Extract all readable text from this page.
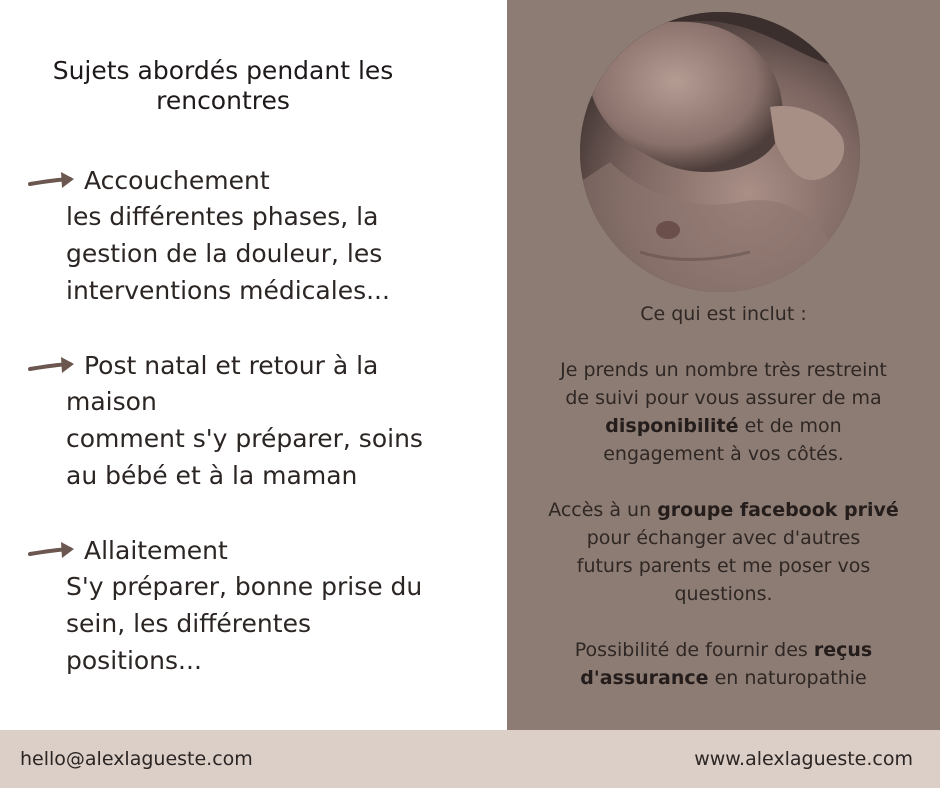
Sujets abordés pendant les
rencontres
Accouchement
les différentes phases, la
gestion de la douleur, les
interventions médicales...
Post natal et retour à la
maison
comment s'y préparer, soins
au bébé et à la maman
Allaitement
S'y préparer, bonne prise du
sein, les différentes
positions...

Ce qui est inclut :

Je prends un nombre très restreint

de suivi pour vous assurer de ma

disponibilité et de mon

engagement à vos côtés.

Accès à un groupe facebook privé

pour échanger avec d'autres

futurs parents et me poser vos

questions.

Possibilité de fournir des reçus

d'assurance en naturopathie

hello@alexlagueste.com	www.alexlagueste.com
